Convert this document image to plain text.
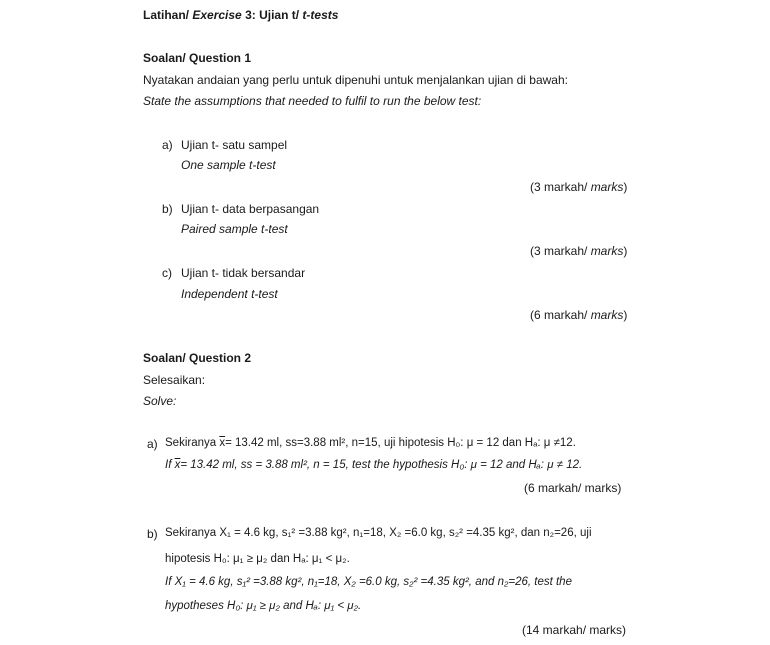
Latihan/ Exercise 3: Ujian t/ t-tests
Soalan/ Question 1
Nyatakan andaian yang perlu untuk dipenuhi untuk menjalankan ujian di bawah:
State the assumptions that needed to fulfil to run the below test:
a) Ujian t- satu sampel
One sample t-test
(3 markah/ marks)
b) Ujian t- data berpasangan
Paired sample t-test
(3 markah/ marks)
c) Ujian t- tidak bersandar
Independent t-test
(6 markah/ marks)
Soalan/ Question 2
Selesaikan:
Solve:
a) Sekiranya $\overline{x}= 13.42$ ml, ss=3.88 ml², n=15, uji hipotesis H₀: μ = 12 dan Hₐ: μ ≠12.
If $\overline{x}= 13.42$ ml, ss = 3.88 ml², n = 15, test the hypothesis H₀: μ = 12 and Hₐ: μ ≠ 12.
(6 markah/ marks)
b) Sekiranya X₁ = 4.6 kg, s₁² =3.88 kg², n₁=18, X₂ =6.0 kg, s₂² =4.35 kg², dan n₂=26, uji
hipotesis H₀: μ₁ ≥ μ₂ dan Hₐ: μ₁ < μ₂.
If X₁ = 4.6 kg, s₁² =3.88 kg², n₁=18, X₂ =6.0 kg, s₂² =4.35 kg², and n₂=26, test the
hypotheses H₀: μ₁ ≥ μ₂ and Hₐ: μ₁ < μ₂.
(14 markah/ marks)
